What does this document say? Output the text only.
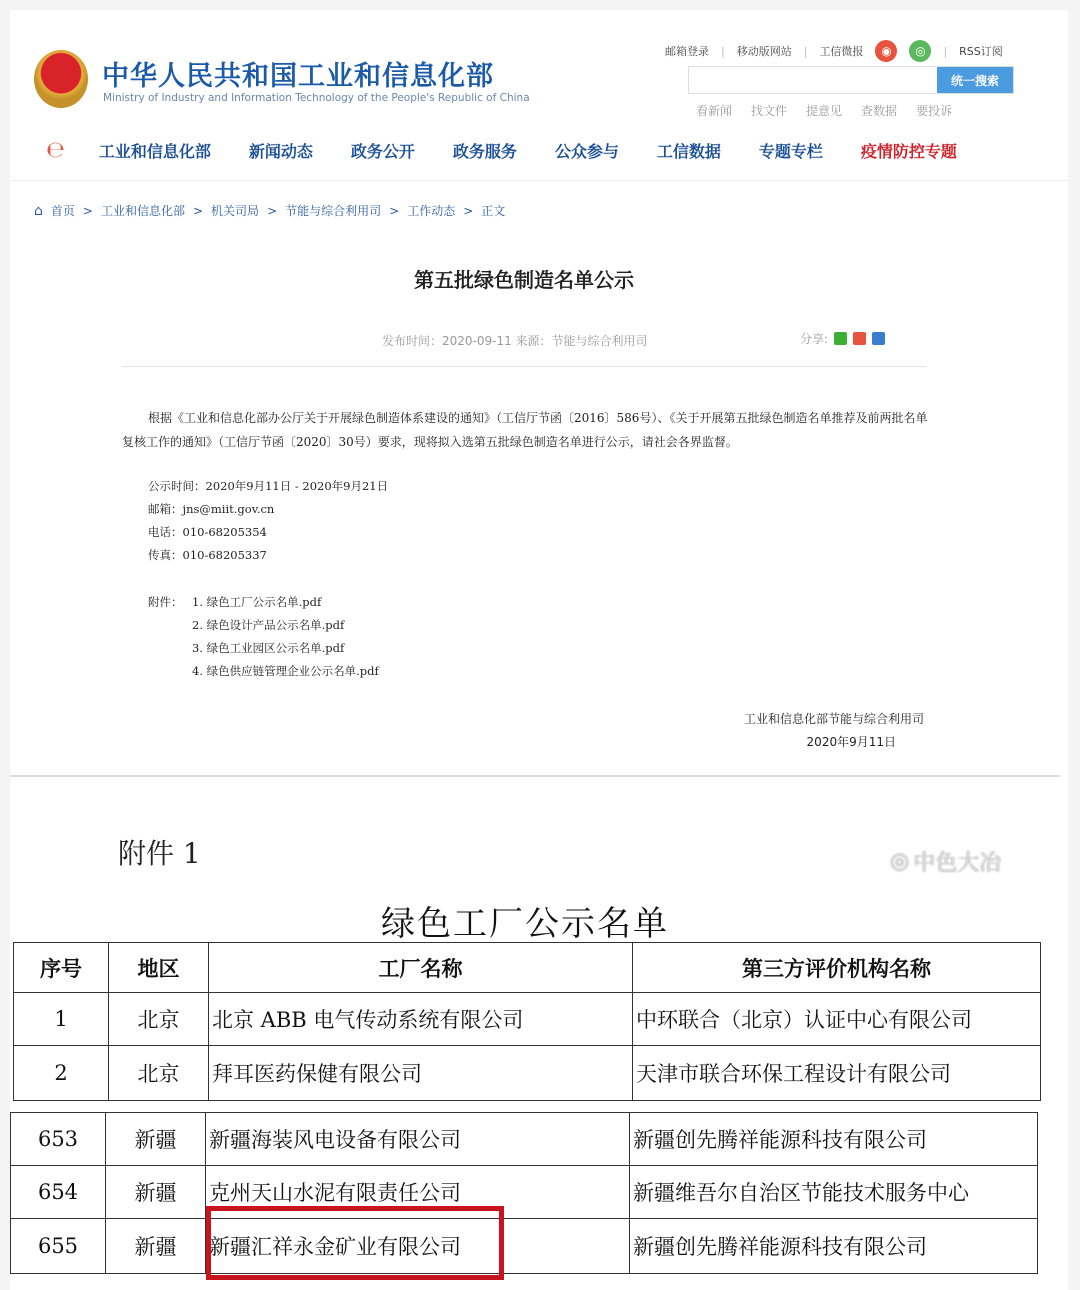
邮箱登录 | 移动版网站 | 工信微报	◉	◎	| RSS订阅
统一搜索
看新闻 找文件 提意见 查数据 要投诉
中华人民共和国工业和信息化部
Ministry of Industry and Information Technology of the People's Republic of China
℮ 工业和信息化部 新闻动态 政务公开 政务服务 公众参与 工信数据 专题专栏 疫情防控专题
⌂ 首页 > 工业和信息化部 > 机关司局 > 节能与综合利用司 > 工作动态 > 正文
第五批绿色制造名单公示
发布时间：2020-09-11 来源：节能与综合利用司	分享:
根据《工业和信息化部办公厅关于开展绿色制造体系建设的通知》（工信厅节函〔2016〕586号）、《关于开展第五批绿色制造名单推荐及前两批名单复核工作的通知》（工信厅节函〔2020〕30号）要求，现将拟入选第五批绿色制造名单进行公示，请社会各界监督。
公示时间：2020年9月11日 - 2020年9月21日
邮箱：jns@miit.gov.cn
电话：010-68205354
传真：010-68205337
附件： 1. 绿色工厂公示名单.pdf
2. 绿色设计产品公示名单.pdf
3. 绿色工业园区公示名单.pdf
4. 绿色供应链管理企业公示名单.pdf
工业和信息化部节能与综合利用司
2020年9月11日
附件 1
绿色工厂公示名单
序号	地区	工厂名称	第三方评价机构名称
1	北京	北京 ABB 电气传动系统有限公司	中环联合（北京）认证中心有限公司
2	北京	拜耳医药保健有限公司	天津市联合环保工程设计有限公司
653	新疆	新疆海装风电设备有限公司	新疆创先腾祥能源科技有限公司
654	新疆	克州天山水泥有限责任公司	新疆维吾尔自治区节能技术服务中心
655	新疆	新疆汇祥永金矿业有限公司	新疆创先腾祥能源科技有限公司
◎ 中色大冶
